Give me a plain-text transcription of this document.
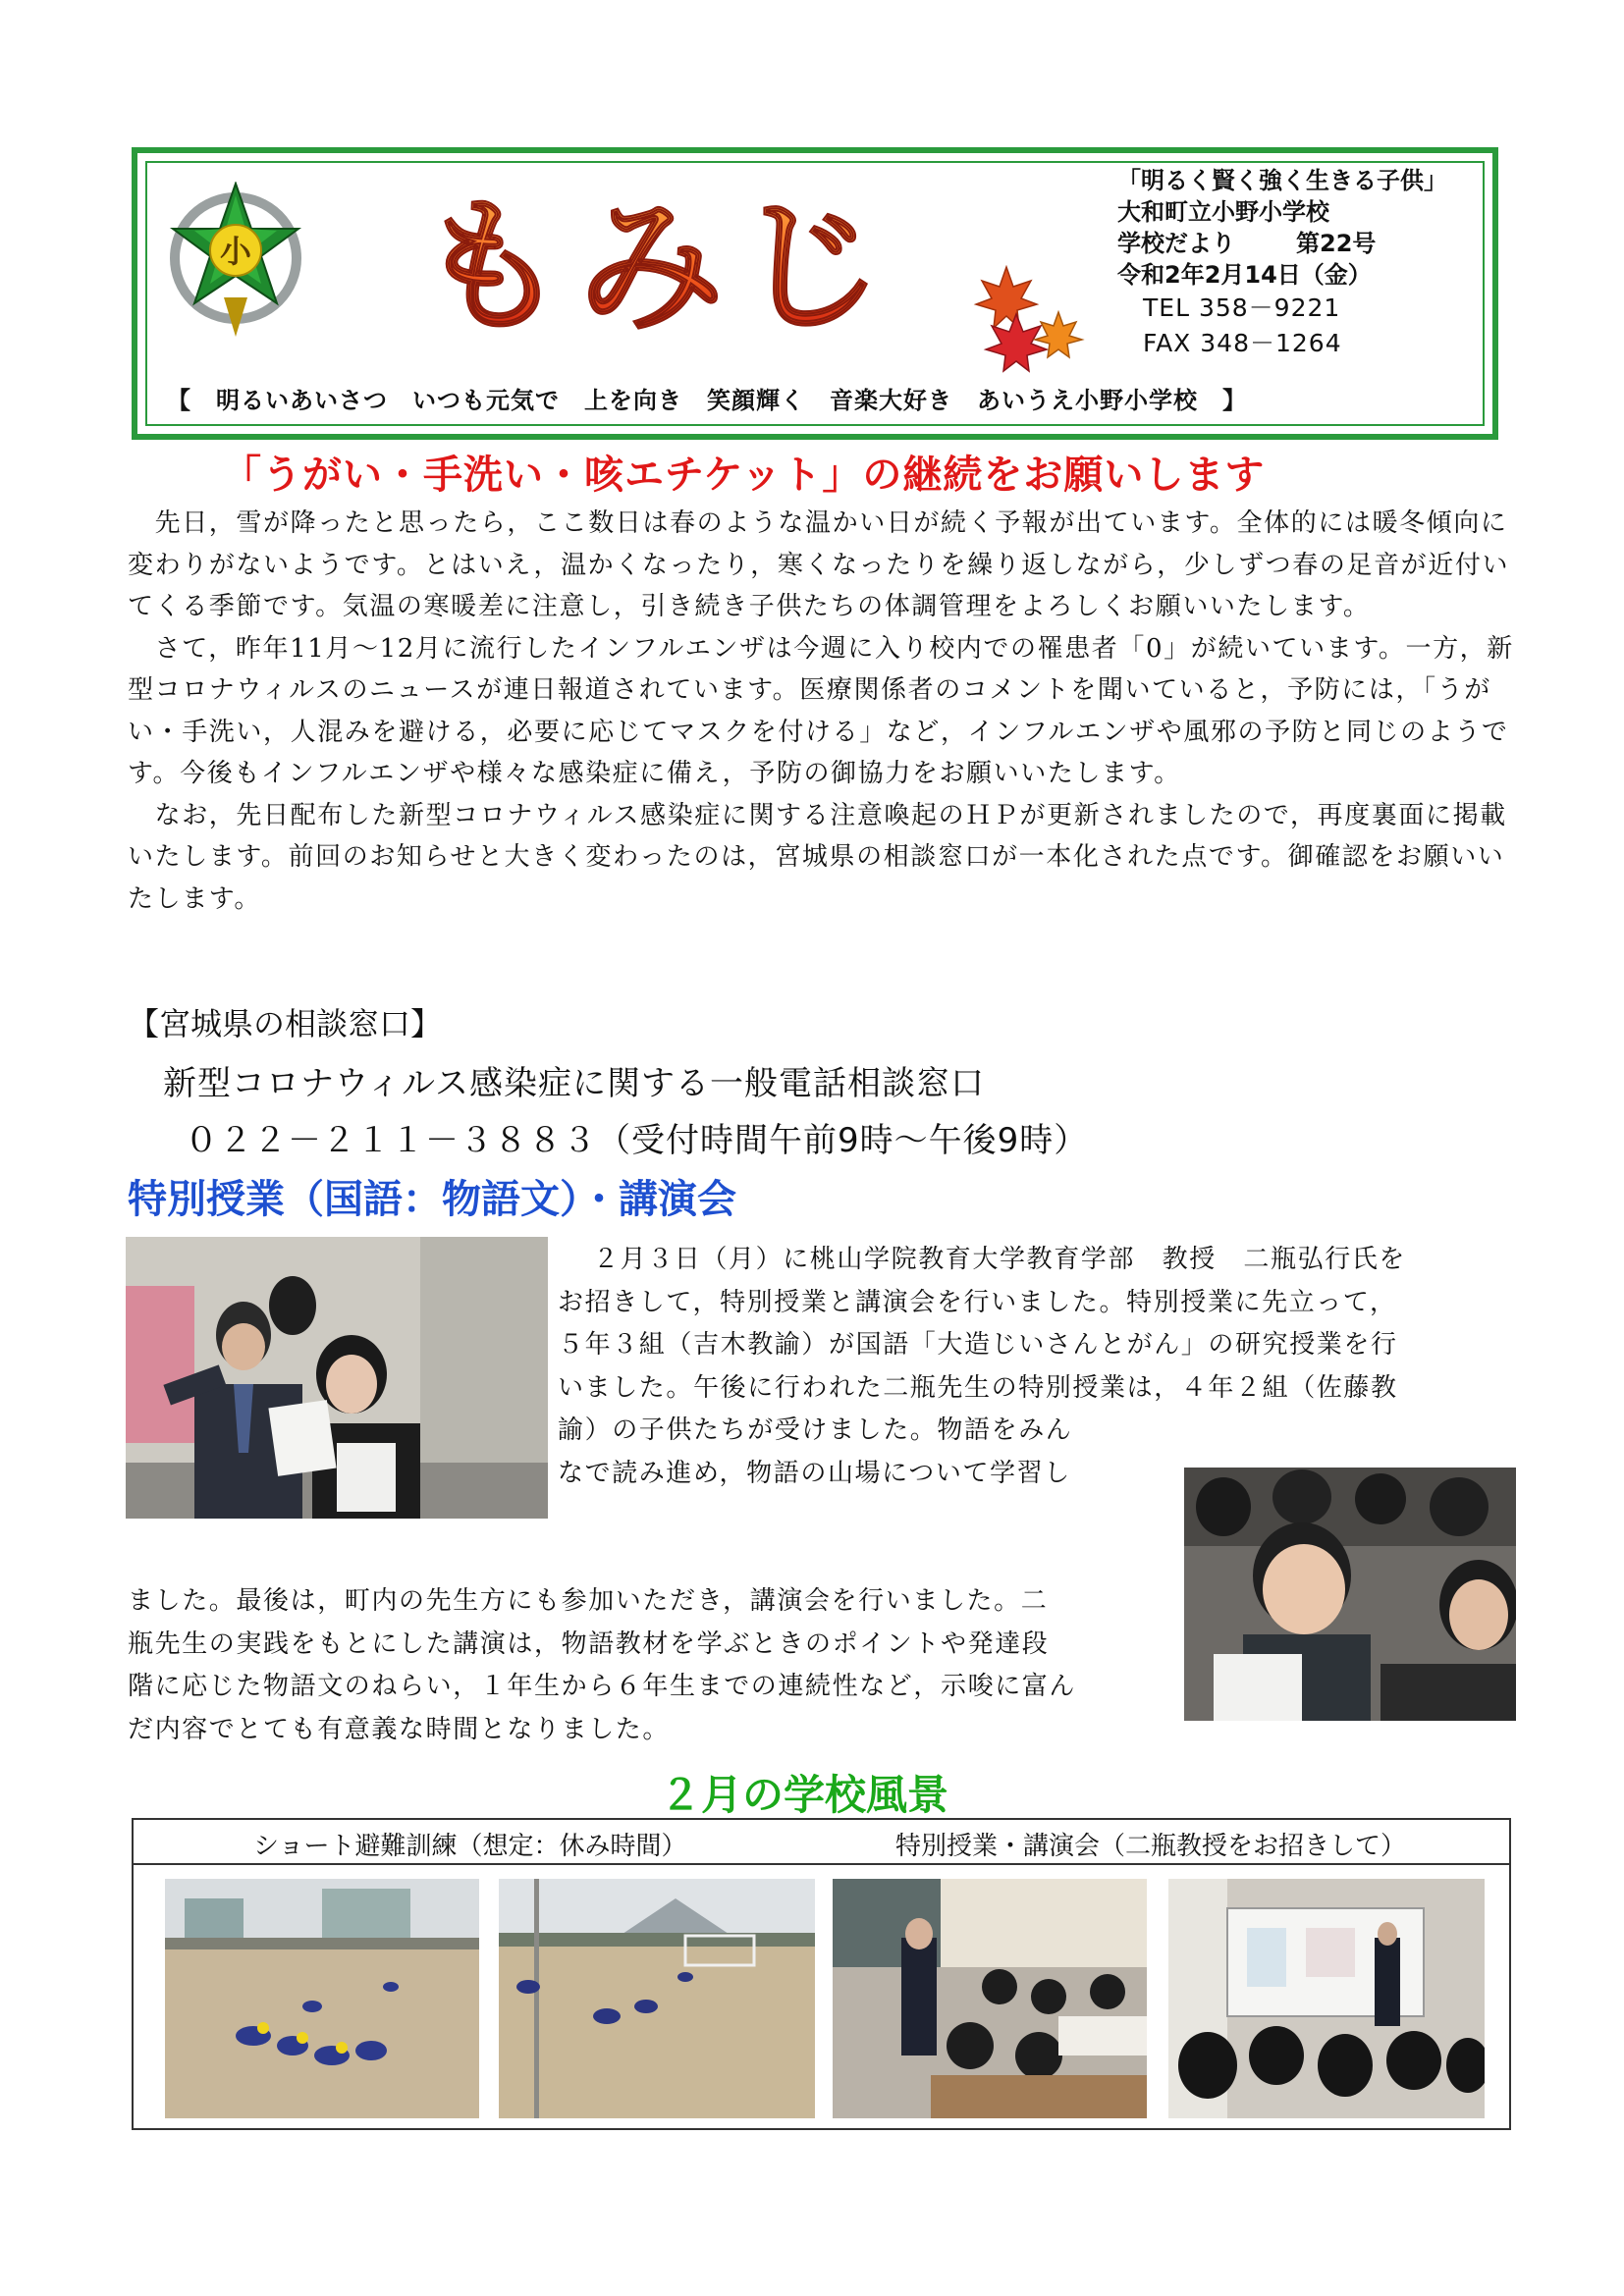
小 もみじ
「明るく賢く強く生きる子供」
大和町立小野小学校
学校だより	第22号
令和2年2月14日（金）
TEL 358－9221
FAX 348－1264
【　明るいあいさつ　いつも元気で　上を向き　笑顔輝く　音楽大好き　あいうえ小野小学校　】
「うがい・手洗い・咳エチケット」の継続をお願いします

　先日，雪が降ったと思ったら，ここ数日は春のような温かい日が続く予報が出ています。全体的には暖冬傾向に変わりがないようです。とはいえ，温かくなったり，寒くなったりを繰り返しながら，少しずつ春の足音が近付いてくる季節です。気温の寒暖差に注意し，引き続き子供たちの体調管理をよろしくお願いいたします。

　さて，昨年11月～12月に流行したインフルエンザは今週に入り校内での罹患者「0」が続いています。一方，新型コロナウィルスのニュースが連日報道されています。医療関係者のコメントを聞いていると，予防には，「うがい・手洗い，人混みを避ける，必要に応じてマスクを付ける」など，インフルエンザや風邪の予防と同じのようです。今後もインフルエンザや様々な感染症に備え，予防の御協力をお願いいたします。

　なお，先日配布した新型コロナウィルス感染症に関する注意喚起のＨＰが更新されましたので，再度裏面に掲載いたします。前回のお知らせと大きく変わったのは，宮城県の相談窓口が一本化された点です。御確認をお願いいたします。

【宮城県の相談窓口】
新型コロナウィルス感染症に関する一般電話相談窓口
０２２－２１１－３８８３（受付時間午前9時～午後9時）
特別授業（国語：物語文）・講演会
２月３日（月）に桃山学院教育大学教育学部　教授　二瓶弘行氏を
お招きして，特別授業と講演会を行いました。特別授業に先立って，
５年３組（吉木教諭）が国語「大造じいさんとがん」の研究授業を行
いました。午後に行われた二瓶先生の特別授業は，４年２組（佐藤教
諭）の子供たちが受けました。物語をみん
なで読み進め，物語の山場について学習し
ました。最後は，町内の先生方にも参加いただき，講演会を行いました。二
瓶先生の実践をもとにした講演は，物語教材を学ぶときのポイントや発達段
階に応じた物語文のねらい，１年生から６年生までの連続性など，示唆に富ん
だ内容でとても有意義な時間となりました。
２月の学校風景
ショート避難訓練（想定：休み時間）	特別授業・講演会（二瓶教授をお招きして）
